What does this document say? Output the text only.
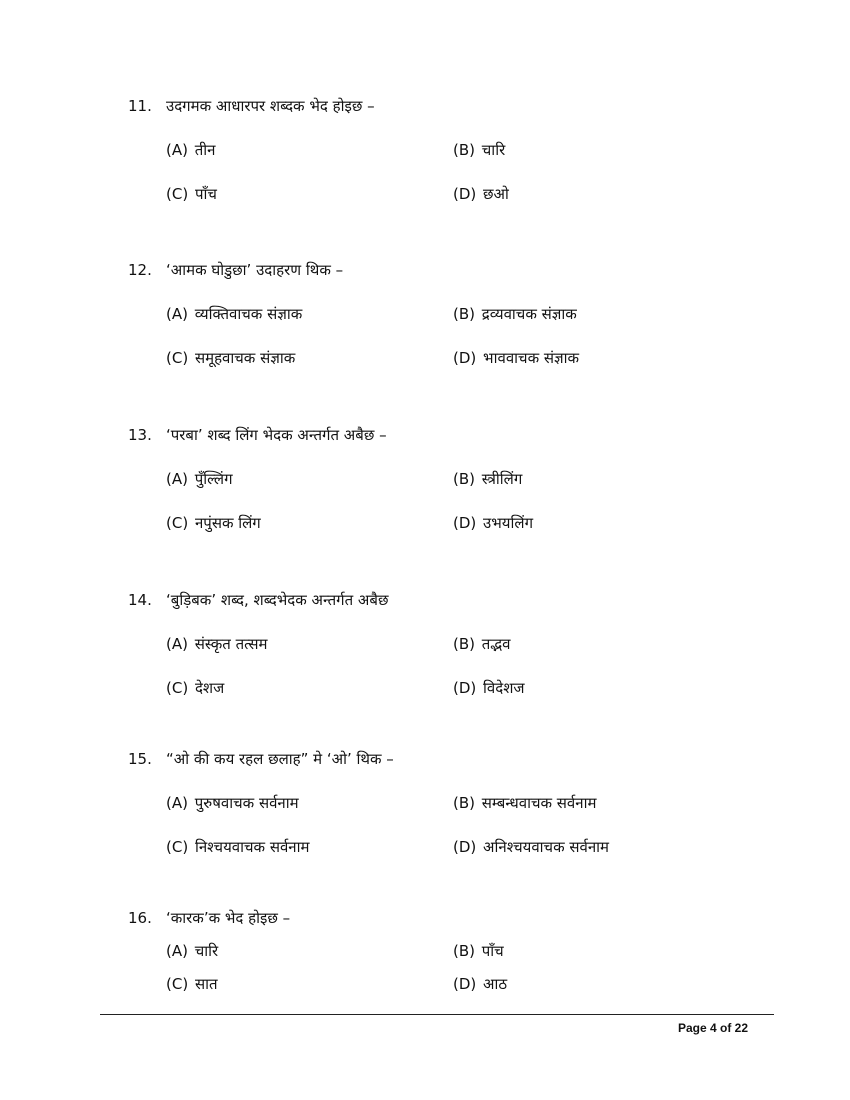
11. उदगमक आधारपर शब्दक भेद होइछ –
(A) तीन	(B) चारि
(C) पाँच	(D) छओ
12. ‘आमक घोडुछा’ उदाहरण थिक –
(A) व्यक्तिवाचक संज्ञाक	(B) द्रव्यवाचक संज्ञाक
(C) समूहवाचक संज्ञाक	(D) भाववाचक संज्ञाक
13. ‘परबा’ शब्द लिंग भेदक अन्तर्गत अबैछ –
(A) पुँल्लिंग	(B) स्त्रीलिंग
(C) नपुंसक लिंग	(D) उभयलिंग
14. ‘बुड़िबक’ शब्द, शब्दभेदक अन्तर्गत अबैछ
(A) संस्कृत तत्सम	(B) तद्भव
(C) देशज	(D) विदेशज
15. “ओ की कय रहल छलाह” मे ‘ओ’ थिक –
(A) पुरुषवाचक सर्वनाम	(B) सम्बन्धवाचक सर्वनाम
(C) निश्चयवाचक सर्वनाम	(D) अनिश्चयवाचक सर्वनाम
16. ‘कारक’क भेद होइछ –
(A) चारि	(B) पाँच
(C) सात	(D) आठ
Page 4 of 22
